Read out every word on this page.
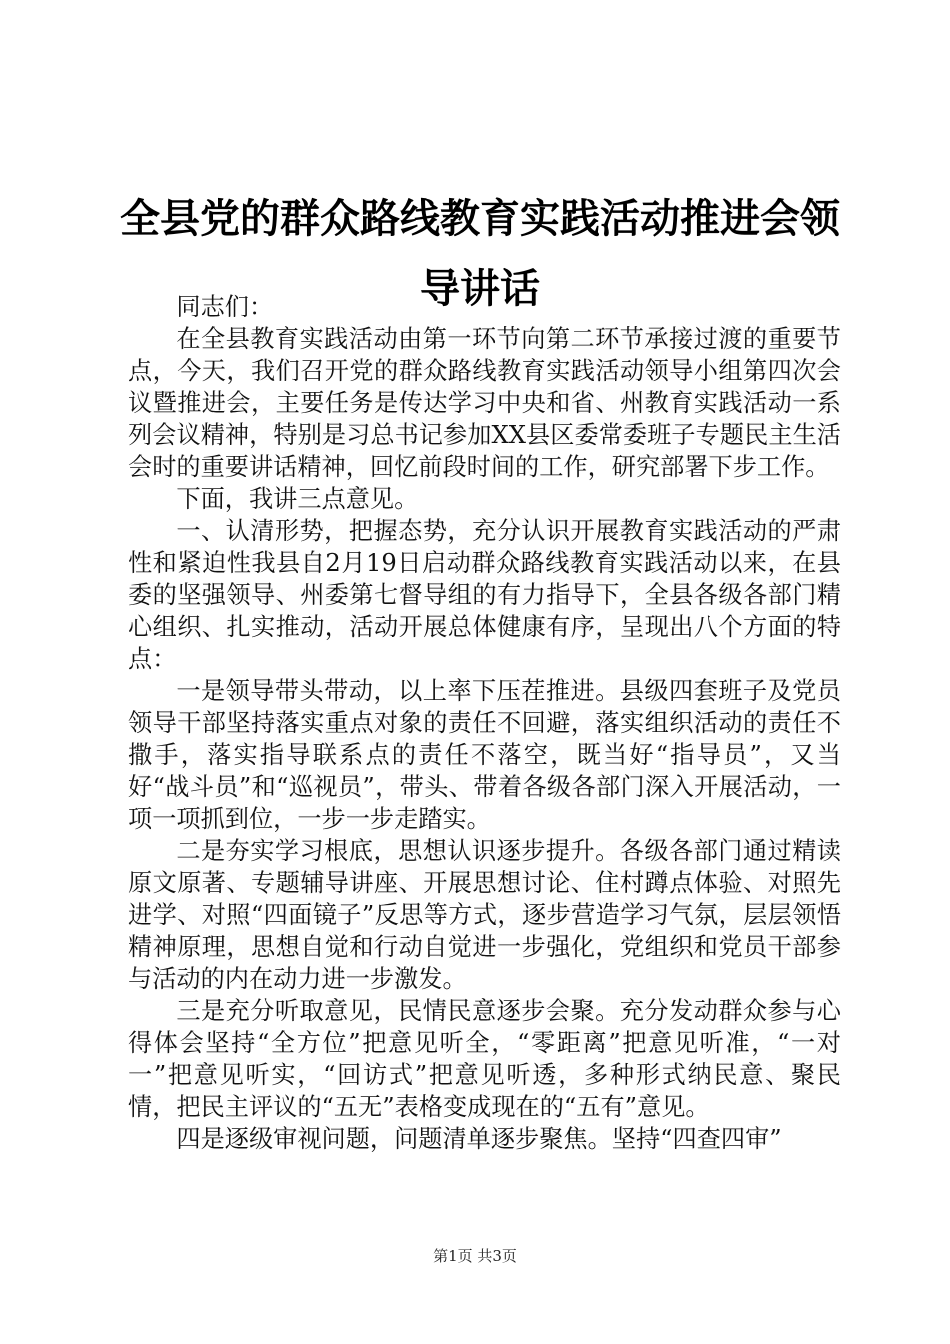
全县党的群众路线教育实践活动推进会领导讲话

同志们：

在全县教育实践活动由第一环节向第二环节承接过渡的重要节点，今天，我们召开党的群众路线教育实践活动领导小组第四次会议暨推进会，主要任务是传达学习中央和省、州教育实践活动一系列会议精神，特别是习总书记参加XX县区委常委班子专题民主生活会时的重要讲话精神，回忆前段时间的工作，研究部署下步工作。

下面，我讲三点意见。

一、认清形势，把握态势，充分认识开展教育实践活动的严肃性和紧迫性我县自2月19日启动群众路线教育实践活动以来，在县委的坚强领导、州委第七督导组的有力指导下，全县各级各部门精心组织、扎实推动，活动开展总体健康有序，呈现出八个方面的特点：

一是领导带头带动，以上率下压茬推进。县级四套班子及党员领导干部坚持落实重点对象的责任不回避，落实组织活动的责任不撒手，落实指导联系点的责任不落空，既当好“指导员”，又当好“战斗员”和“巡视员”，带头、带着各级各部门深入开展活动，一项一项抓到位，一步一步走踏实。

二是夯实学习根底，思想认识逐步提升。各级各部门通过精读原文原著、专题辅导讲座、开展思想讨论、住村蹲点体验、对照先进学、对照“四面镜子”反思等方式，逐步营造学习气氛，层层领悟精神原理，思想自觉和行动自觉进一步强化，党组织和党员干部参与活动的内在动力进一步激发。

三是充分听取意见，民情民意逐步会聚。充分发动群众参与心得体会坚持“全方位”把意见听全，“零距离”把意见听准，“一对一”把意见听实，“回访式”把意见听透，多种形式纳民意、聚民情，把民主评议的“五无”表格变成现在的“五有”意见。

四是逐级审视问题，问题清单逐步聚焦。坚持“四查四审”

第1页 共3页
